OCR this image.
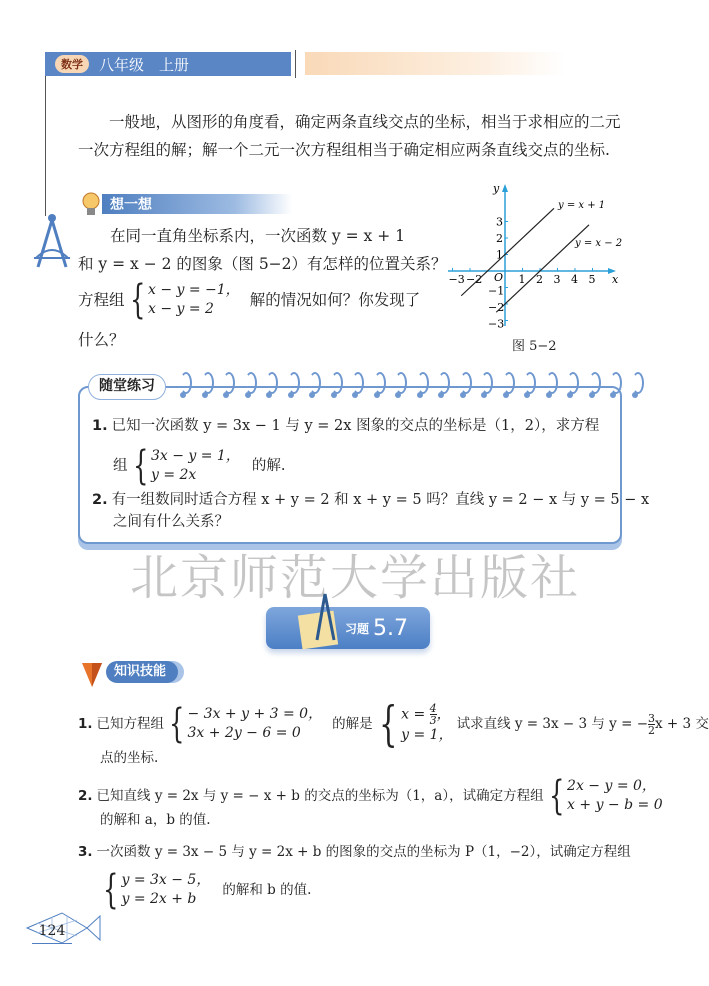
数学	八年级　上册
一般地，从图形的角度看，确定两条直线交点的坐标，相当于求相应的二元
一次方程组的解；解一个二元一次方程组相当于确定相应两条直线交点的坐标.
想一想
在同一直角坐标系内，一次函数 y = x + 1
和 y = x − 2 的图象（图 5−2）有怎样的位置关系？
方程组 { x − y = −1，
x − y = 2	解的情况如何？你发现了
什么？
x
y
O
−3 −2	1 2 3 4 5
3
2
1
−1
−2
−3
y = x + 1
y = x − 2
图 5−2
随堂练习
1. 已知一次函数 y = 3x − 1 与 y = 2x 图象的交点的坐标是（1，2），求方程
组 { 3x − y = 1，
y = 2x
的解.
2. 有一组数同时适合方程 x + y = 2 和 x + y = 5 吗？直线 y = 2 − x 与 y = 5 − x
之间有什么关系？
北京师范大学出版社
习题 5.7
知识技能
1. 已知方程组 { − 3x + y + 3 = 0，
3x + 2y − 6 = 0
的解是 { $x = \frac{4}{3}$ ，
y = 1，
试求直线 y = 3x − 3 与 y = − $\frac{3}{2}$ x + 3 交
点的坐标.
2. 已知直线 y = 2x 与 y = − x + b 的交点的坐标为（1，a），试确定方程组 { 2x − y = 0，
x + y − b = 0
的解和 a，b 的值.
3. 一次函数 y = 3x − 5 与 y = 2x + b 的图象的交点的坐标为 P（1，−2），试确定方程组
{ y = 3x − 5，
y = 2x + b
的解和 b 的值.
124
